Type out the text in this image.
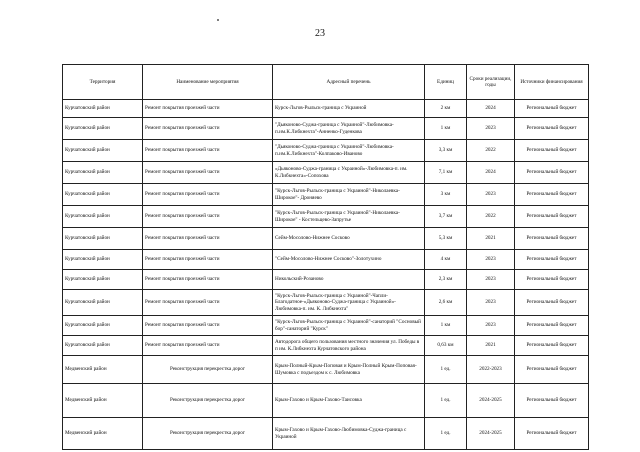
23
Территория	Наименование мероприятия	Адресный перечень	Единиц	Сроки реализации, годы	Источники финансирования
Курчатовский район	Ремонт покрытия проезжей части	Курск-Льгов-Рыльск-граница с Украиной	2 км	2024	Региональный бюджет
Курчатовский район	Ремонт покрытия проезжей части	"Дьяконово-Суджа-граница с Украиной"-Любимовка-п.им.К.Либкнехта"-Анненко-Гуденкова	1 км	2023	Региональный бюджет
Курчатовский район	Ремонт покрытия проезжей части	"Дьяконово-Суджа-граница с Украиной"-Любимовка-п.им.К.Либкнехта"-Колпаково-Иваново	3,3 км	2022	Региональный бюджет
Курчатовский район	Ремонт покрытия проезжей части	«Дьяконово-Суджа-граница с Украиной»-Любимовка-п. им. К.Либкнехта»-Сопохова	7,1 км	2024	Региональный бюджет
Курчатовский район	Ремонт покрытия проезжей части	"Курск-Льгов-Рыльск-граница с Украиной"-Николаевка-Широкое"- Дроняево	3 км	2023	Региональный бюджет
Курчатовский район	Ремонт покрытия проезжей части	"Курск-Льгов-Рыльск-граница с Украиной"-Николаевка-Широкое" - Костельцево-Запрутье	3,7 км	2022	Региональный бюджет
Курчатовский район	Ремонт покрытия проезжей части	Сейм-Мосолово-Нижнее Сосково	5,3 км	2021	Региональный бюджет
Курчатовский район	Ремонт покрытия проезжей части	"Сейм-Мосолово-Нижнее Сосково"-Золотухино	4 км	2023	Региональный бюджет
Курчатовский район	Ремонт покрытия проезжей части	Никольский-Розаново	2,3 км	2023	Региональный бюджет
Курчатовский район	Ремонт покрытия проезжей части	"Курск-Льгов-Рыльск-граница с Украиной"-Чапли-Благодатное-«Дьяконово-Суджа-граница с Украиной»-Любимовка-п. им. К. Либкнехта"	2,6 км	2023	Региональный бюджет
Курчатовский район	Ремонт покрытия проезжей части	"Курск-Льгов-Рыльск-граница с Украиной"-санаторий "Сосновый бор"-санаторий "Курск"	1 км	2023	Региональный бюджет
Курчатовский район	Ремонт покрытия проезжей части	Автодорога общего пользования местного значения ул. Победы в п им. К.Либкнехта Курчатовского района	0,63 км	2021	Региональный бюджет
Медвенский район	Реконструкция перекрестка дорог	Крым-Полный-Крым-Поповая и Крым-Полный Крым-Поповая-Шумовка с подъездом к с. Любимовка	1 ед.	2022-2023	Региональный бюджет
Медвенский район	Реконструкция перекрестка дорог	Крым-Гахово и Крым-Гахово-Таисовка	1 ед.	2024-2025	Региональный бюджет
Медвенский район	Реконструкция перекрестка дорог	Крым-Гахово и Крым-Гахово-Любимовка-Суджа-граница с Украиной	1 ед.	2024-2025	Региональный бюджет
